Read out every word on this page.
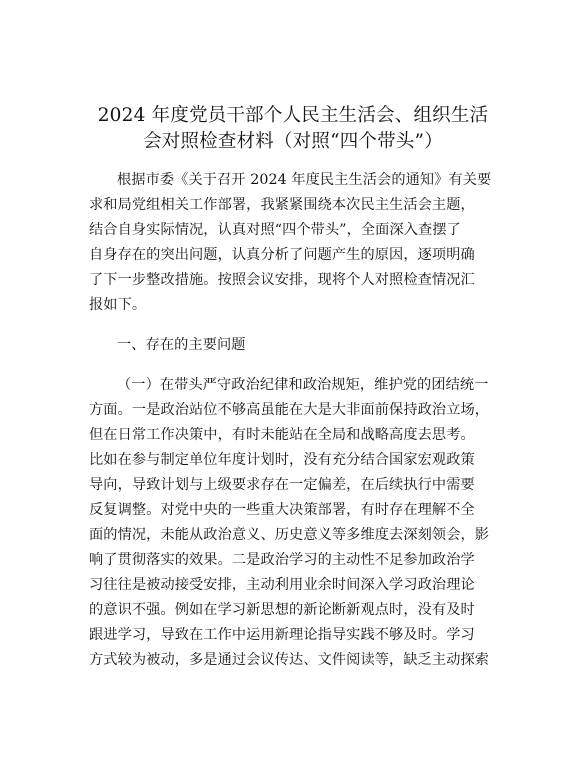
2024 年度党员干部个人民主生活会、组织生活
会对照检查材料（对照“四个带头”）
根据市委《关于召开 2024 年度民主生活会的通知》有关要
求和局党组相关工作部署，我紧紧围绕本次民主生活会主题，
结合自身实际情况，认真对照“四个带头”，全面深入查摆了
自身存在的突出问题，认真分析了问题产生的原因，逐项明确
了下一步整改措施。按照会议安排，现将个人对照检查情况汇
报如下。
一、存在的主要问题
（一）在带头严守政治纪律和政治规矩，维护党的团结统一
方面。一是政治站位不够高虽能在大是大非面前保持政治立场，
但在日常工作决策中，有时未能站在全局和战略高度去思考。
比如在参与制定单位年度计划时，没有充分结合国家宏观政策
导向，导致计划与上级要求存在一定偏差，在后续执行中需要
反复调整。对党中央的一些重大决策部署，有时存在理解不全
面的情况，未能从政治意义、历史意义等多维度去深刻领会，影
响了贯彻落实的效果。二是政治学习的主动性不足参加政治学
习往往是被动接受安排，主动利用业余时间深入学习政治理论
的意识不强。例如在学习新思想的新论断新观点时，没有及时
跟进学习，导致在工作中运用新理论指导实践不够及时。学习
方式较为被动，多是通过会议传达、文件阅读等，缺乏主动探索
